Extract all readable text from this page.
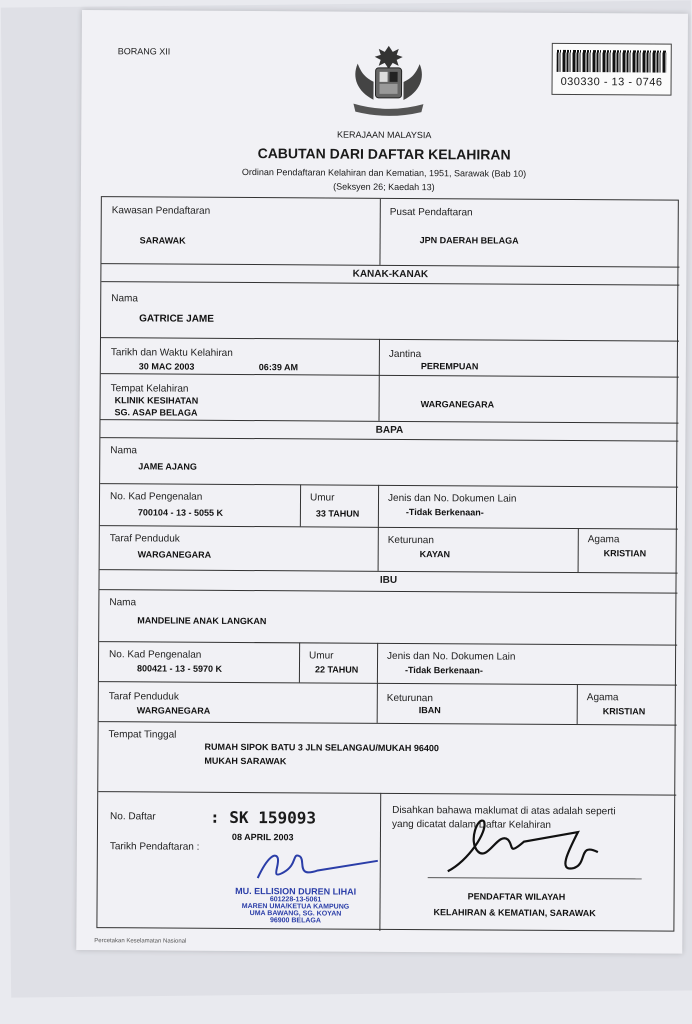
BORANG XII
030330 - 13 - 0746
KERAJAAN MALAYSIA
CABUTAN DARI DAFTAR KELAHIRAN
Ordinan Pendaftaran Kelahiran dan Kematian, 1951, Sarawak (Bab 10)
(Seksyen 26; Kaedah 13)
Kawasan Pendaftaran
SARAWAK
Pusat Pendaftaran
JPN DAERAH BELAGA
KANAK-KANAK
Nama
GATRICE JAME
Tarikh dan Waktu Kelahiran
30 MAC 2003	06:39 AM
Jantina
PEREMPUAN
Tempat Kelahiran
KLINIK KESIHATAN
SG. ASAP BELAGA
WARGANEGARA
BAPA
Nama
JAME AJANG
No. Kad Pengenalan
700104 - 13 - 5055 K
Umur
33 TAHUN
Jenis dan No. Dokumen Lain
-Tidak Berkenaan-
Taraf Penduduk
WARGANEGARA
Keturunan
KAYAN
Agama
KRISTIAN
IBU
Nama
MANDELINE ANAK LANGKAN
No. Kad Pengenalan
800421 - 13 - 5970 K
Umur
22 TAHUN
Jenis dan No. Dokumen Lain
-Tidak Berkenaan-
Taraf Penduduk
WARGANEGARA
Keturunan
IBAN
Agama
KRISTIAN
Tempat Tinggal
RUMAH SIPOK BATU 3 JLN SELANGAU/MUKAH 96400
MUKAH SARAWAK
No. Daftar	: SK 159093
08 APRIL 2003
Tarikh Pendaftaran :
MU. ELLISION DUREN LIHAI
601228-13-5061
MAREN UMA/KETUA KAMPUNG
UMA BAWANG, SG. KOYAN
96900 BELAGA
Disahkan bahawa maklumat di atas adalah seperti
yang dicatat dalam Daftar Kelahiran
PENDAFTAR WILAYAH
KELAHIRAN & KEMATIAN, SARAWAK
Percetakan Keselamatan Nasional
